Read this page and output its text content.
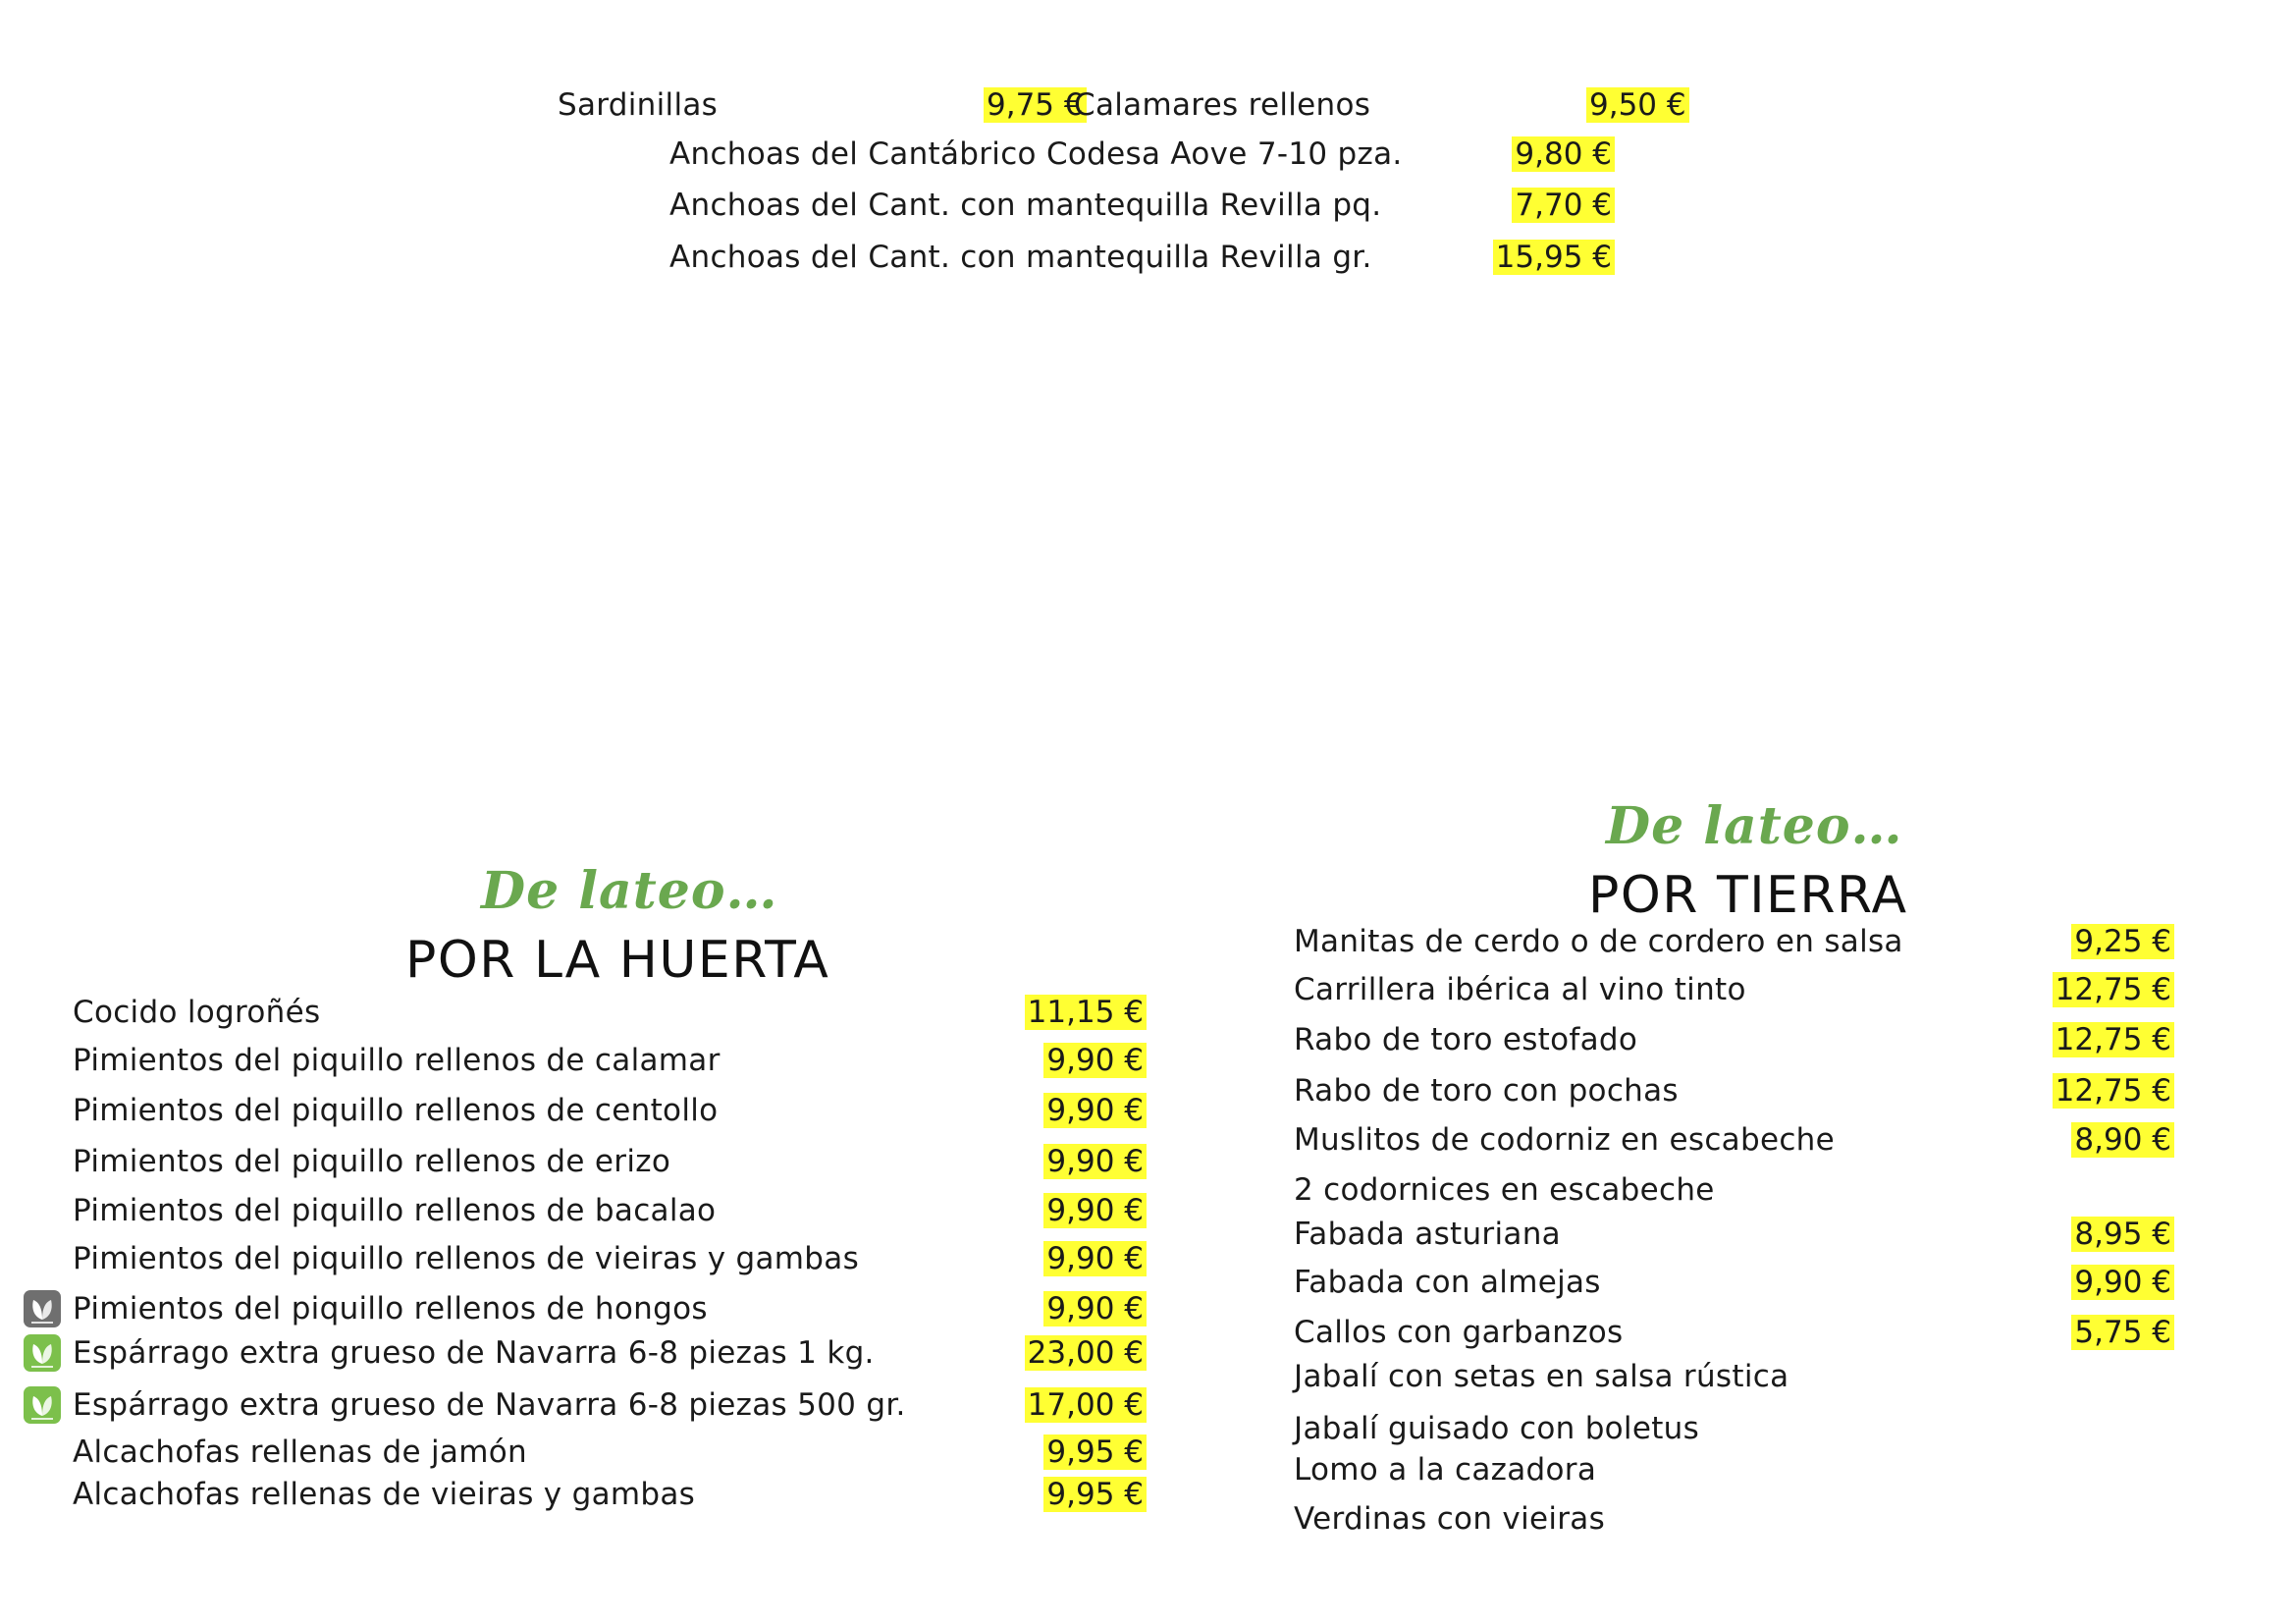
Sardinillas	9,75 €
Calamares rellenos	9,50 €
Anchoas del Cantábrico Codesa Aove 7-10 pza.	9,80 €
Anchoas del Cant. con mantequilla Revilla pq.	7,70 €
Anchoas del Cant. con mantequilla Revilla gr.	15,95 €
De lateo…
POR LA HUERTA
Cocido logroñés	11,15 €
Pimientos del piquillo rellenos de calamar	9,90 €
Pimientos del piquillo rellenos de centollo	9,90 €
Pimientos del piquillo rellenos de erizo	9,90 €
Pimientos del piquillo rellenos de bacalao	9,90 €
Pimientos del piquillo rellenos de vieiras y gambas	9,90 €
Pimientos del piquillo rellenos de hongos	9,90 €
Espárrago extra grueso de Navarra 6-8 piezas 1 kg.	23,00 €
Espárrago extra grueso de Navarra 6-8 piezas 500 gr.	17,00 €
Alcachofas rellenas de jamón	9,95 €
Alcachofas rellenas de vieiras y gambas	9,95 €
De lateo…
POR TIERRA
Manitas de cerdo o de cordero en salsa	9,25 €
Carrillera ibérica al vino tinto	12,75 €
Rabo de toro estofado	12,75 €
Rabo de toro con pochas	12,75 €
Muslitos de codorniz en escabeche	8,90 €
2 codornices en escabeche
Fabada asturiana	8,95 €
Fabada con almejas	9,90 €
Callos con garbanzos	5,75 €
Jabalí con setas en salsa rústica
Jabalí guisado con boletus
Lomo a la cazadora
Verdinas con vieiras
